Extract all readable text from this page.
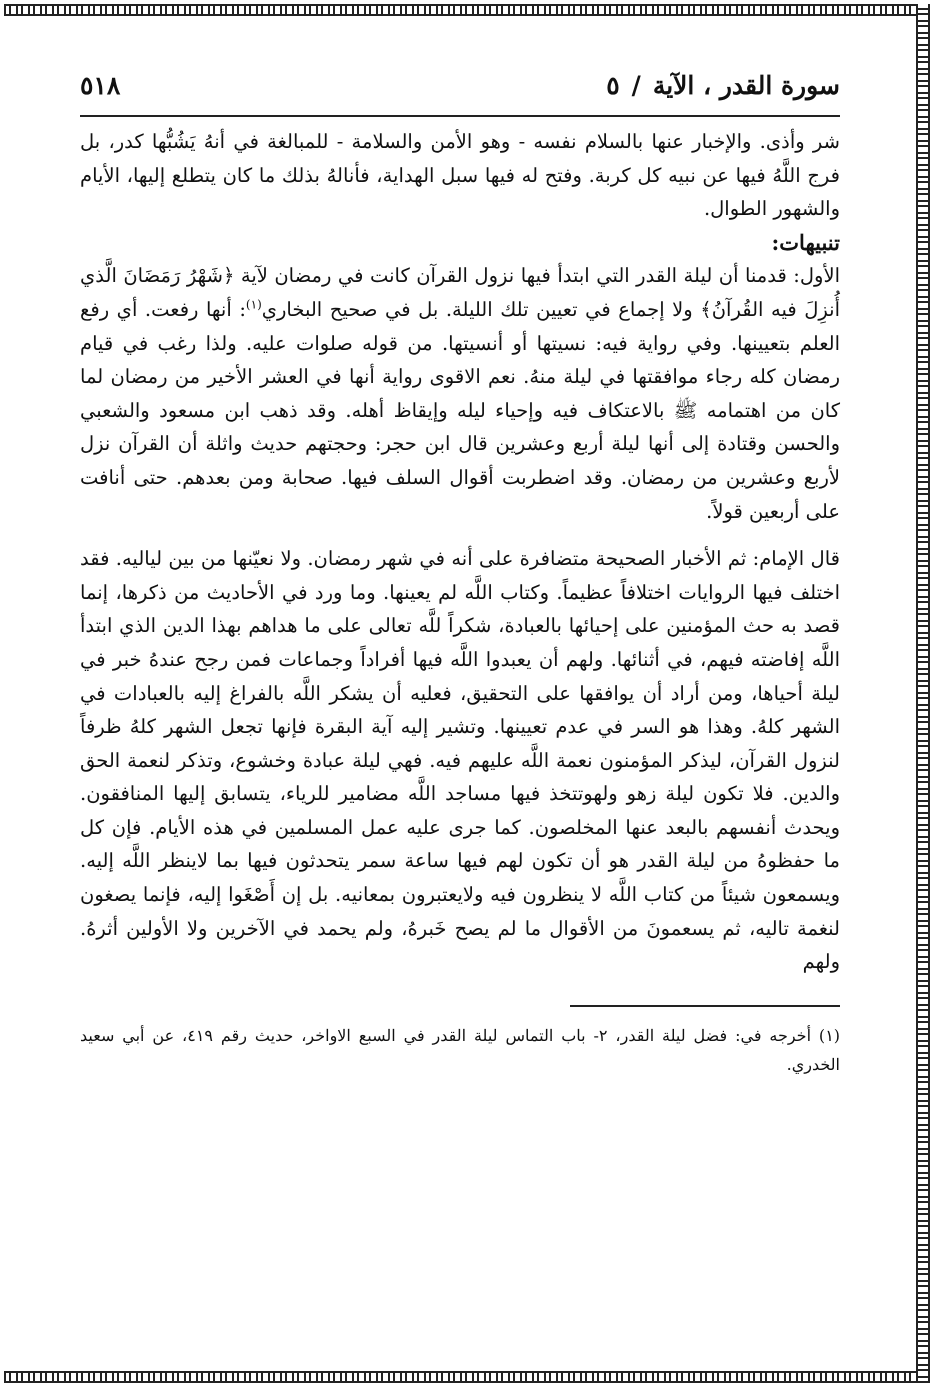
سورة القدر ، الآية/٥
٥١٨

شر وأذى. والإخبار عنها بالسلام نفسه - وهو الأمن والسلامة - للمبالغة في أنهُ يَشُبُّها كدر، بل فرج اللَّهُ فيها عن نبيه كل كربة. وفتح له فيها سبل الهداية، فأنالهُ بذلك ما كان يتطلع إليها، الأيام والشهور الطوال.

تنبيهات:

الأول: قدمنا أن ليلة القدر التي ابتدأ فيها نزول القرآن كانت في رمضان لآية ﴿شَهْرُ رَمَضَانَ الَّذي أُنزِلَ فيه القُرآنُ﴾ ولا إجماع في تعيين تلك الليلة. بل في صحيح البخاري$^{(١)}$: أنها رفعت. أي رفع العلم بتعيينها. وفي رواية فيه: نسيتها أو أنسيتها. من قوله صلوات عليه. ولذا رغب في قيام رمضان كله رجاء موافقتها في ليلة منهُ. نعم الاقوى رواية أنها في العشر الأخير من رمضان لما كان من اهتمامه ﷺ بالاعتكاف فيه وإحياء ليله وإيقاظ أهله. وقد ذهب ابن مسعود والشعبي والحسن وقتادة إلى أنها ليلة أربع وعشرين قال ابن حجر: وحجتهم حديث واثلة أن القرآن نزل لأربع وعشرين من رمضان. وقد اضطربت أقوال السلف فيها. صحابة ومن بعدهم. حتى أنافت على أربعين قولاً.

قال الإمام: ثم الأخبار الصحيحة متضافرة على أنه في شهر رمضان. ولا نعيّنها من بين لياليه. فقد اختلف فيها الروايات اختلافاً عظيماً. وكتاب اللَّه لم يعينها. وما ورد في الأحاديث من ذكرها، إنما قصد به حث المؤمنين على إحيائها بالعبادة، شكراً للَّه تعالى على ما هداهم بهذا الدين الذي ابتدأ اللَّه إفاضته فيهم، في أثنائها. ولهم أن يعبدوا اللَّه فيها أفراداً وجماعات فمن رجح عندهُ خبر في ليلة أحياها، ومن أراد أن يوافقها على التحقيق، فعليه أن يشكر اللَّه بالفراغ إليه بالعبادات في الشهر كلهُ. وهذا هو السر في عدم تعيينها. وتشير إليه آية البقرة فإنها تجعل الشهر كلهُ ظرفاً لنزول القرآن، ليذكر المؤمنون نعمة اللَّه عليهم فيه. فهي ليلة عبادة وخشوع، وتذكر لنعمة الحق والدين. فلا تكون ليلة زهو ولهوتتخذ فيها مساجد اللَّه مضامير للرياء، يتسابق إليها المنافقون. ويحدث أنفسهم بالبعد عنها المخلصون. كما جرى عليه عمل المسلمين في هذه الأيام. فإن كل ما حفظوهُ من ليلة القدر هو أن تكون لهم فيها ساعة سمر يتحدثون فيها بما لاينظر اللَّه إليه. ويسمعون شيئاً من كتاب اللَّه لا ينظرون فيه ولايعتبرون بمعانيه. بل إن أَصْغَوا إليه، فإنما يصغون لنغمة تاليه، ثم يسعمونَ من الأقوال ما لم يصح خَبرهُ، ولم يحمد في الآخرين ولا الأولين أثرهُ. ولهم

(١) أخرجه في: فضل ليلة القدر، ٢- باب التماس ليلة القدر في السبع الاواخر، حديث رقم ٤١٩، عن أبي سعيد الخدري.
